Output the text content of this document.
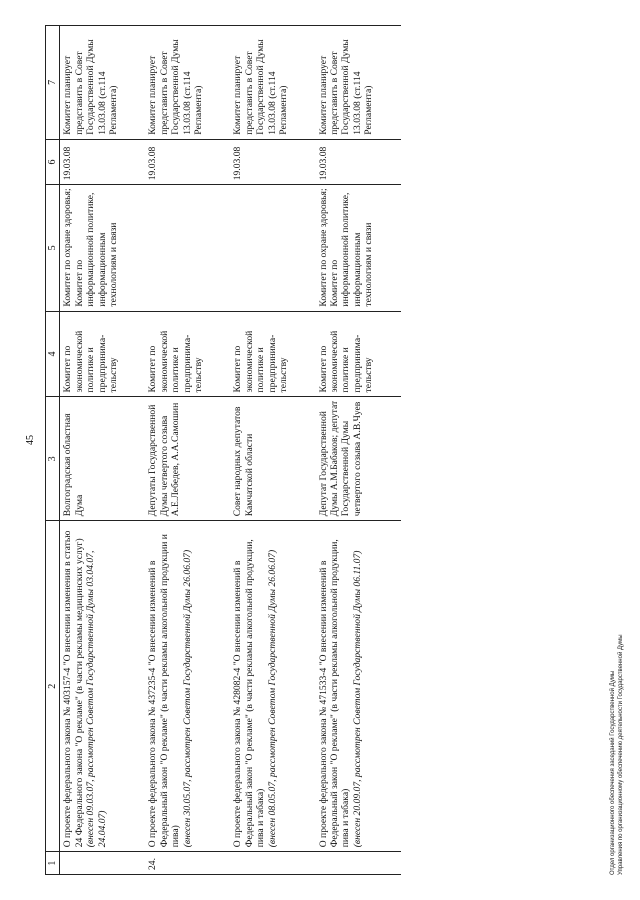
45
1	2	3	4	5	6	7

	О проекте федерального закона № 403157-4 "О внесении изменения в статью 24 Федерального закона "О рекламе" (в части рекламы медицинских услуг) (внесен 09.03.07, рассмотрен Советом Государственной Думы 03.04.07, 24.04.07)	Волгоградская областная Дума	Комитет по экономической политике и предпринима-тельству	Комитет по охране здоровья;
Комитет по информационной политике, информационным технологиям и связи	19.03.08	Комитет планирует представить в Совет Государственной Думы 13.03.08 (ст.114 Регламента)
24.	О проекте федерального закона № 437235-4 "О внесении изменений в Федеральный закон "О рекламе" (в части рекламы алкогольной продукции и пива) (внесен 30.05.07, рассмотрен Советом Государственной Думы 26.06.07)	Депутаты Государственной Думы четвертого созыва А.Е.Лебедев, А.А.Самошин	Комитет по экономической политике и предпринима-тельству		19.03.08	Комитет планирует представить в Совет Государственной Думы 13.03.08 (ст.114 Регламента)

	О проекте федерального закона № 428082-4 "О внесении изменений в Федеральный закон "О рекламе" (в части рекламы алкогольной продукции, пива и табака) (внесен 08.05.07, рассмотрен Советом Государственной Думы 26.06.07)	Совет народных депутатов Камчатской области	Комитет по экономической политике и предпринима-тельству		19.03.08	Комитет планирует представить в Совет Государственной Думы 13.03.08 (ст.114 Регламента)

	О проекте федерального закона № 471533-4 "О внесении изменений в Федеральный закон "О рекламе" (в части рекламы алкогольной продукции, пива и табака) (внесен 20.09.07, рассмотрен Советом Государственной Думы 06.11.07)	Депутат Государственной Думы А.М.Бабаков; депутат Государственной Думы четвертого созыва А.В.Чуев	Комитет по экономической политике и предпринима-тельству	Комитет по охране здоровья;
Комитет по информационной политике, информационным технологиям и связи	19.03.08	Комитет планирует представить в Совет Государственной Думы 13.03.08 (ст.114 Регламента)
Отдел организационного обеспечения заседаний Государственной Думы Управления по организационному обеспечению деятельности Государственной Думы
